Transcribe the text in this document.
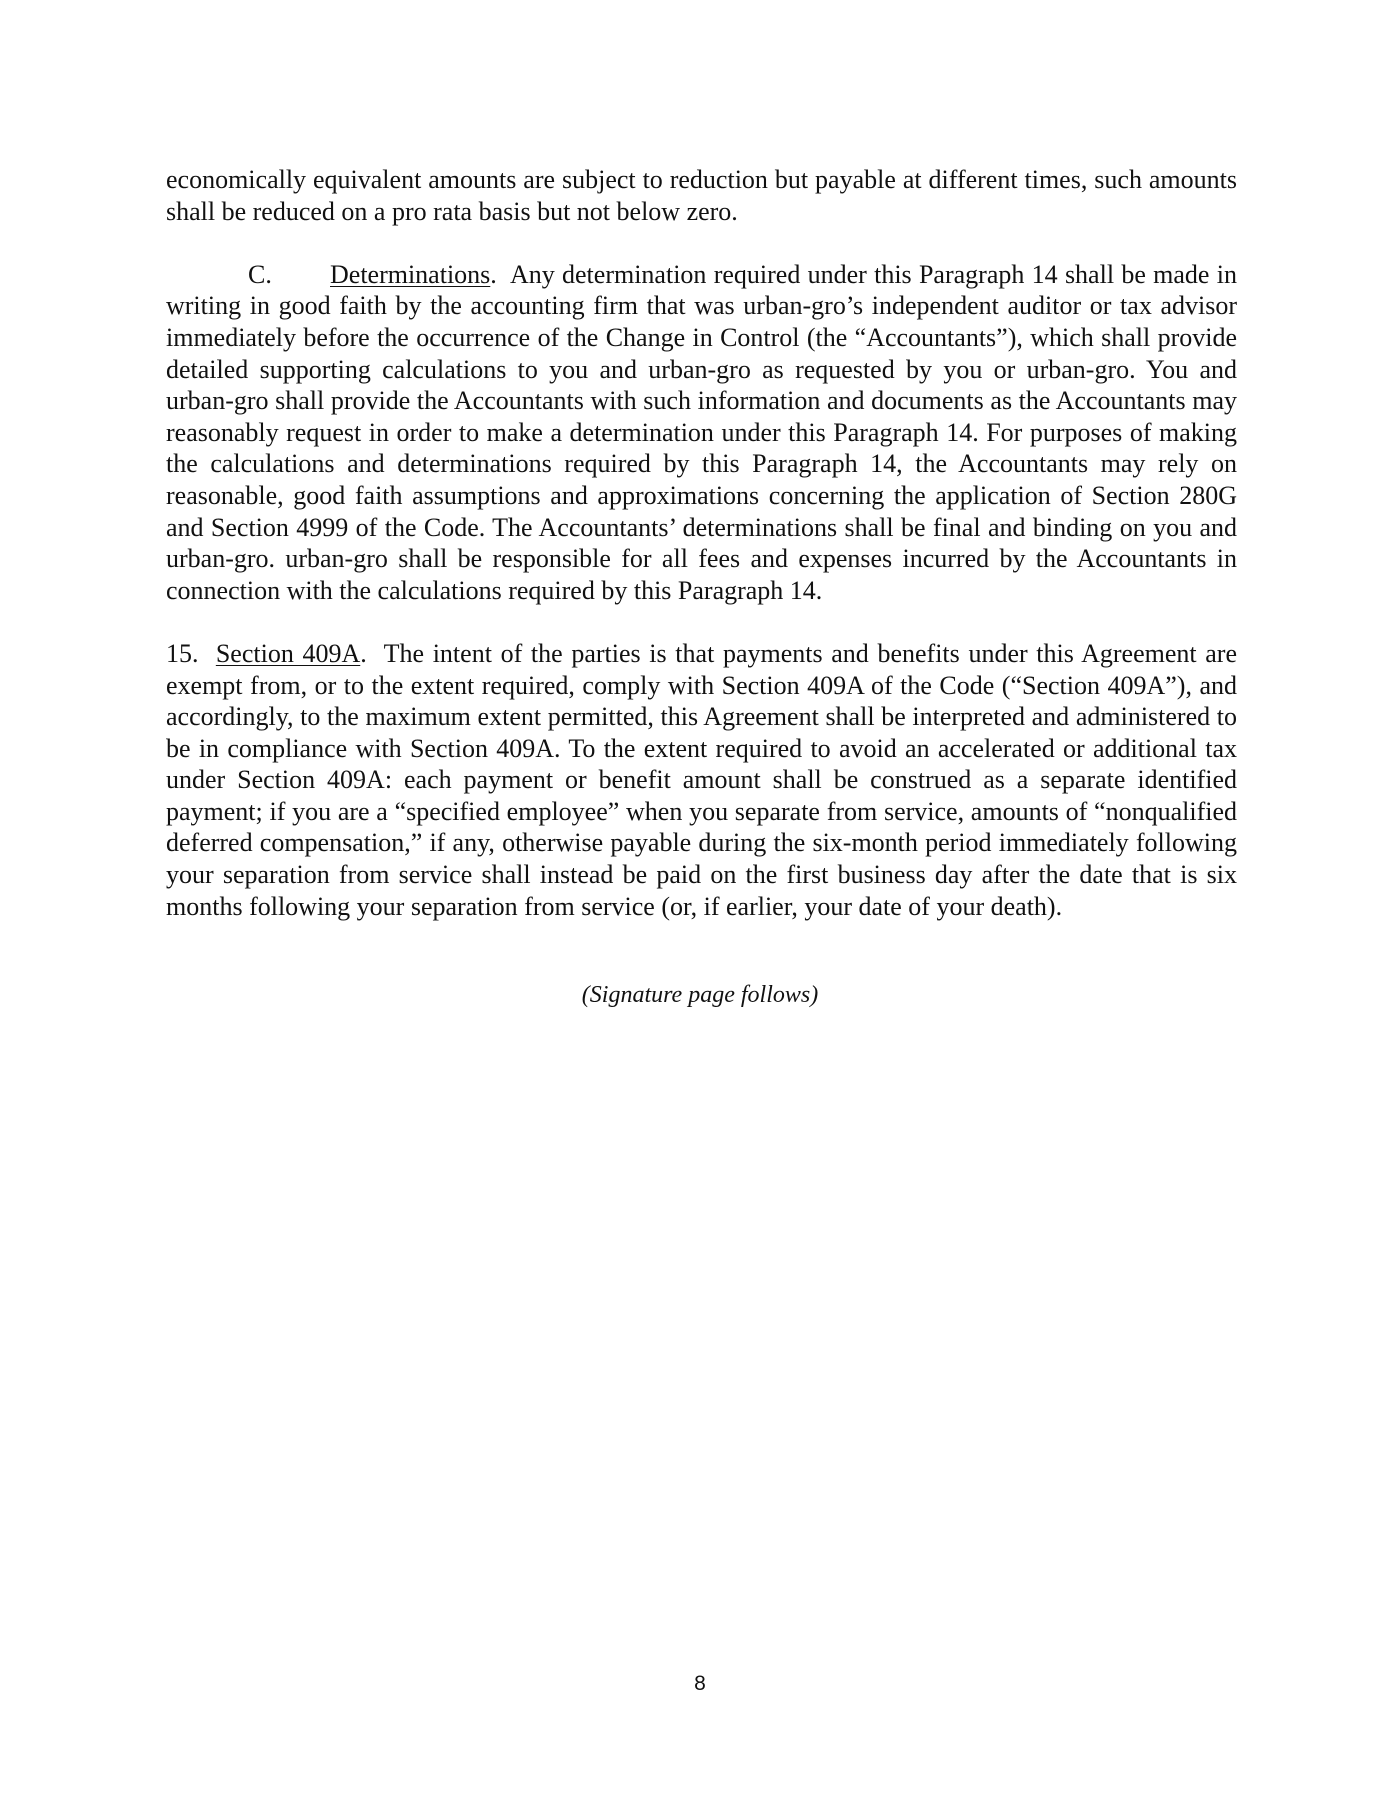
economically equivalent amounts are subject to reduction but payable at different times, such amounts shall be reduced on a pro rata basis but not below zero.

C. Determinations. Any determination required under this Paragraph 14 shall be made in writing in good faith by the accounting firm that was urban-gro’s independent auditor or tax advisor immediately before the occurrence of the Change in Control (the “Accountants”), which shall provide detailed supporting calculations to you and urban-gro as requested by you or urban-gro. You and urban-gro shall provide the Accountants with such information and documents as the Accountants may reasonably request in order to make a determination under this Paragraph 14. For purposes of making the calculations and determinations required by this Paragraph 14, the Accountants may rely on reasonable, good faith assumptions and approximations concerning the application of Section 280G and Section 4999 of the Code. The Accountants’ determinations shall be final and binding on you and urban-gro. urban-gro shall be responsible for all fees and expenses incurred by the Accountants in connection with the calculations required by this Paragraph 14.

15. Section 409A. The intent of the parties is that payments and benefits under this Agreement are exempt from, or to the extent required, comply with Section 409A of the Code (“Section 409A”), and accordingly, to the maximum extent permitted, this Agreement shall be interpreted and administered to be in compliance with Section 409A. To the extent required to avoid an accelerated or additional tax under Section 409A: each payment or benefit amount shall be construed as a separate identified payment; if you are a “specified employee” when you separate from service, amounts of “nonqualified deferred compensation,” if any, otherwise payable during the six-month period immediately following your separation from service shall instead be paid on the first business day after the date that is six months following your separation from service (or, if earlier, your date of your death).

(Signature page follows)
8
